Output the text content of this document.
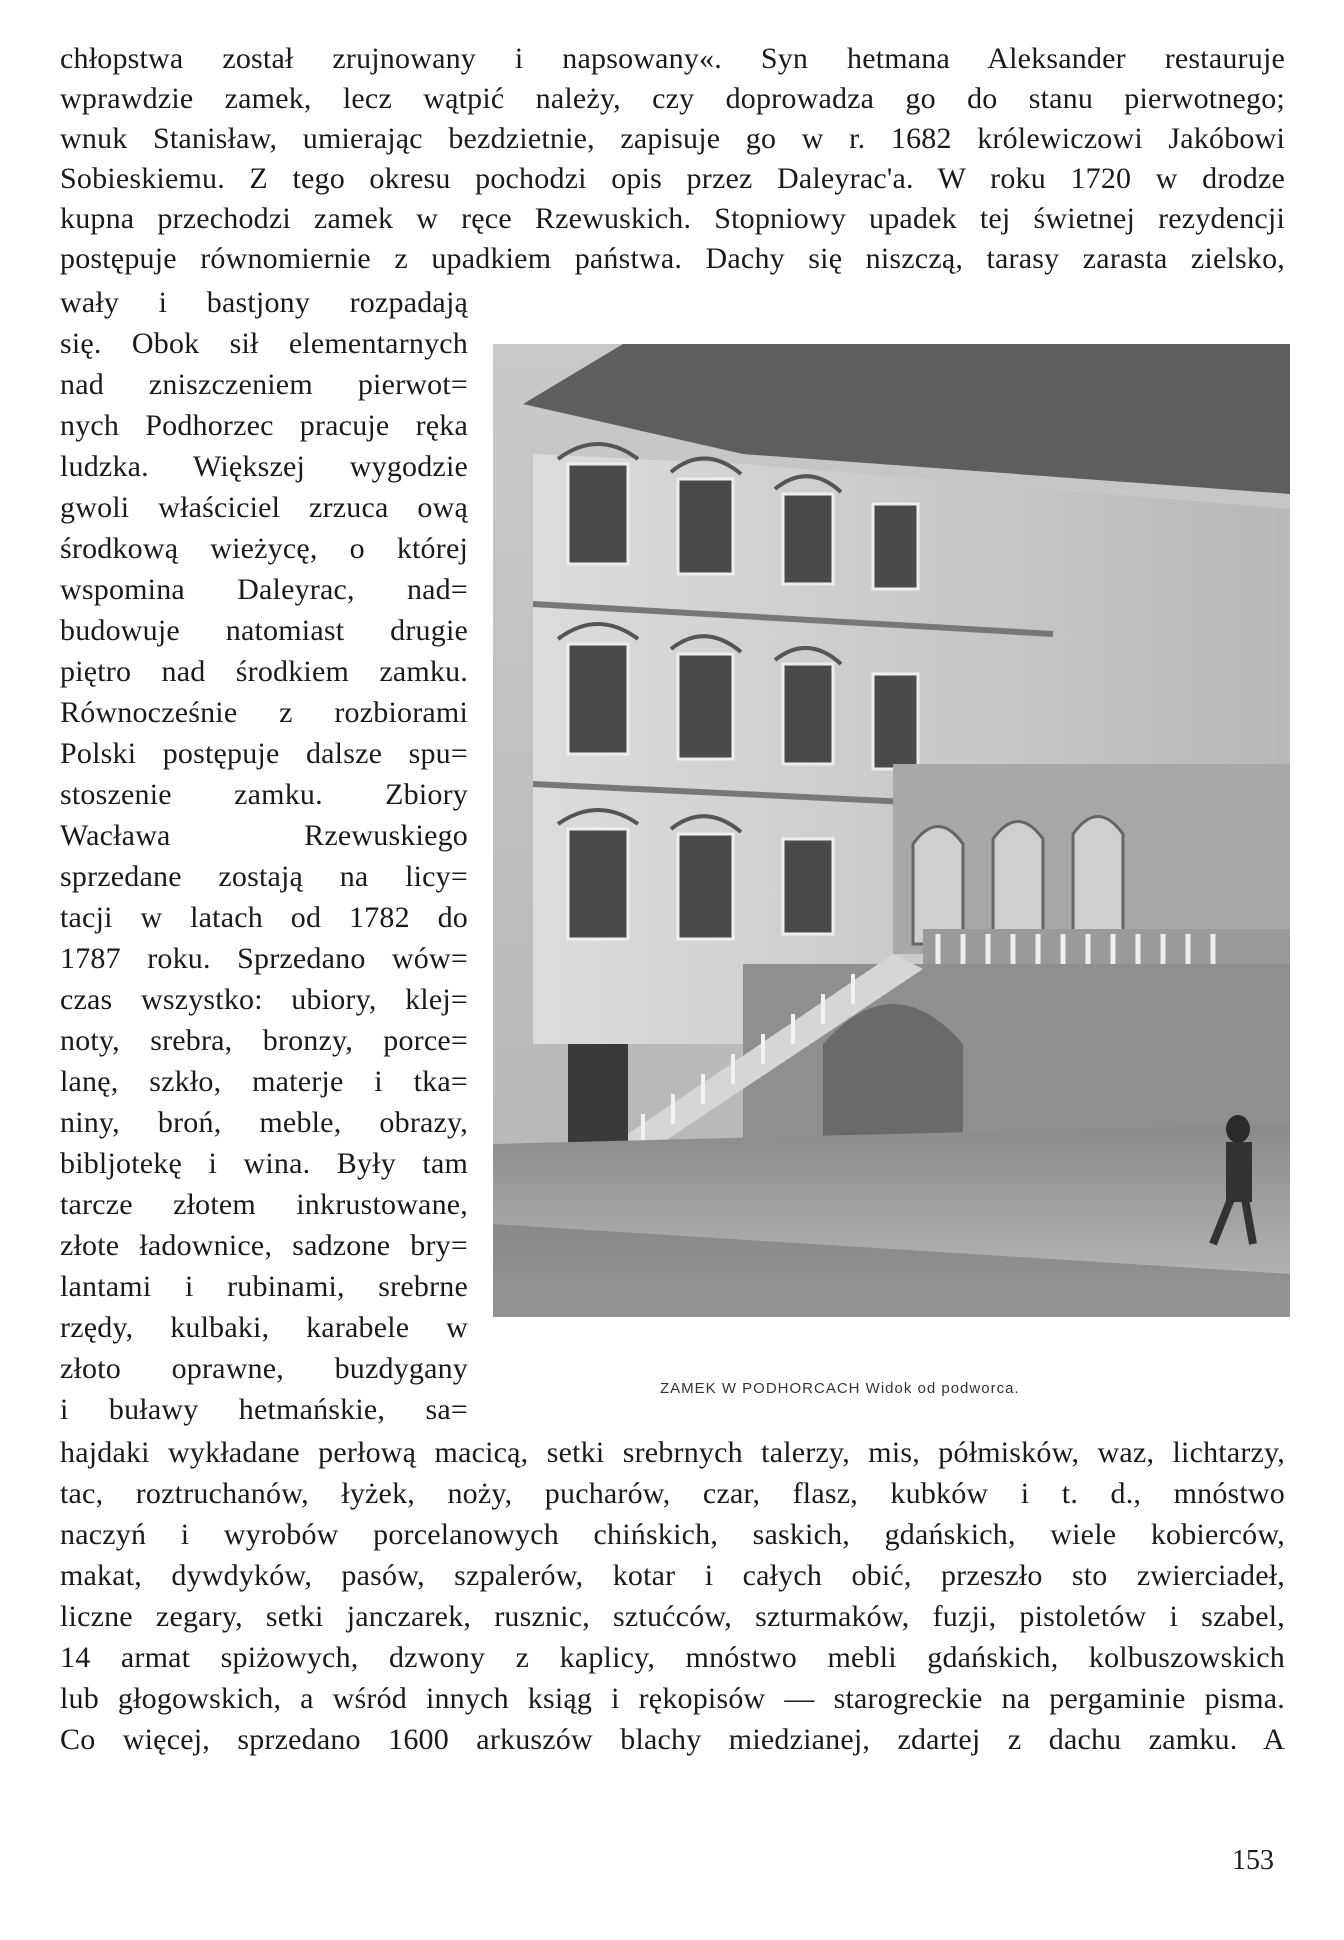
chłopstwa został zrujnowany i napsowany«. Syn hetmana Aleksander restauruje
wprawdzie zamek, lecz wątpić należy, czy doprowadza go do stanu pierwotnego;
wnuk Stanisław, umierając bezdzietnie, zapisuje go w r. 1682 królewiczowi Jakóbowi
Sobieskiemu. Z tego okresu pochodzi opis przez Daleyrac'a. W roku 1720 w drodze
kupna przechodzi zamek w ręce Rzewuskich. Stopniowy upadek tej świetnej rezydencji
postępuje równomiernie z upadkiem państwa. Dachy się niszczą, tarasy zarasta zielsko,
wały i bastjony rozpadają
się. Obok sił elementarnych
nad zniszczeniem pierwot=
nych Podhorzec pracuje ręka
ludzka. Większej wygodzie
gwoli właściciel zrzuca ową
środkową wieżycę, o której
wspomina Daleyrac, nad=
budowuje natomiast drugie
piętro nad środkiem zamku.
Równocześnie z rozbiorami
Polski postępuje dalsze spu=
stoszenie zamku. Zbiory
Wacława Rzewuskiego
sprzedane zostają na licy=
tacji w latach od 1782 do
1787 roku. Sprzedano wów=
czas wszystko: ubiory, klej=
noty, srebra, bronzy, porce=
lanę, szkło, materje i tka=
niny, broń, meble, obrazy,
bibljotekę i wina. Były tam
tarcze złotem inkrustowane,
złote ładownice, sadzone bry=
lantami i rubinami, srebrne
rzędy, kulbaki, karabele w
złoto oprawne, buzdygany
i buławy hetmańskie, sa=
hajdaki wykładane perłową macicą, setki srebrnych talerzy, mis, półmisków, waz, lichtarzy,
tac, roztruchanów, łyżek, noży, pucharów, czar, flasz, kubków i t. d., mnóstwo
naczyń i wyrobów porcelanowych chińskich, saskich, gdańskich, wiele kobierców,
makat, dywdyków, pasów, szpalerów, kotar i całych obić, przeszło sto zwierciadeł,
liczne zegary, setki janczarek, rusznic, sztućców, szturmaków, fuzji, pistoletów i szabel,
14 armat spiżowych, dzwony z kaplicy, mnóstwo mebli gdańskich, kolbuszowskich
lub głogowskich, a wśród innych ksiąg i rękopisów — starogreckie na pergaminie pisma.
Co więcej, sprzedano 1600 arkuszów blachy miedzianej, zdartej z dachu zamku. A
ZAMEK W PODHORCACH Widok od podworca.
153
